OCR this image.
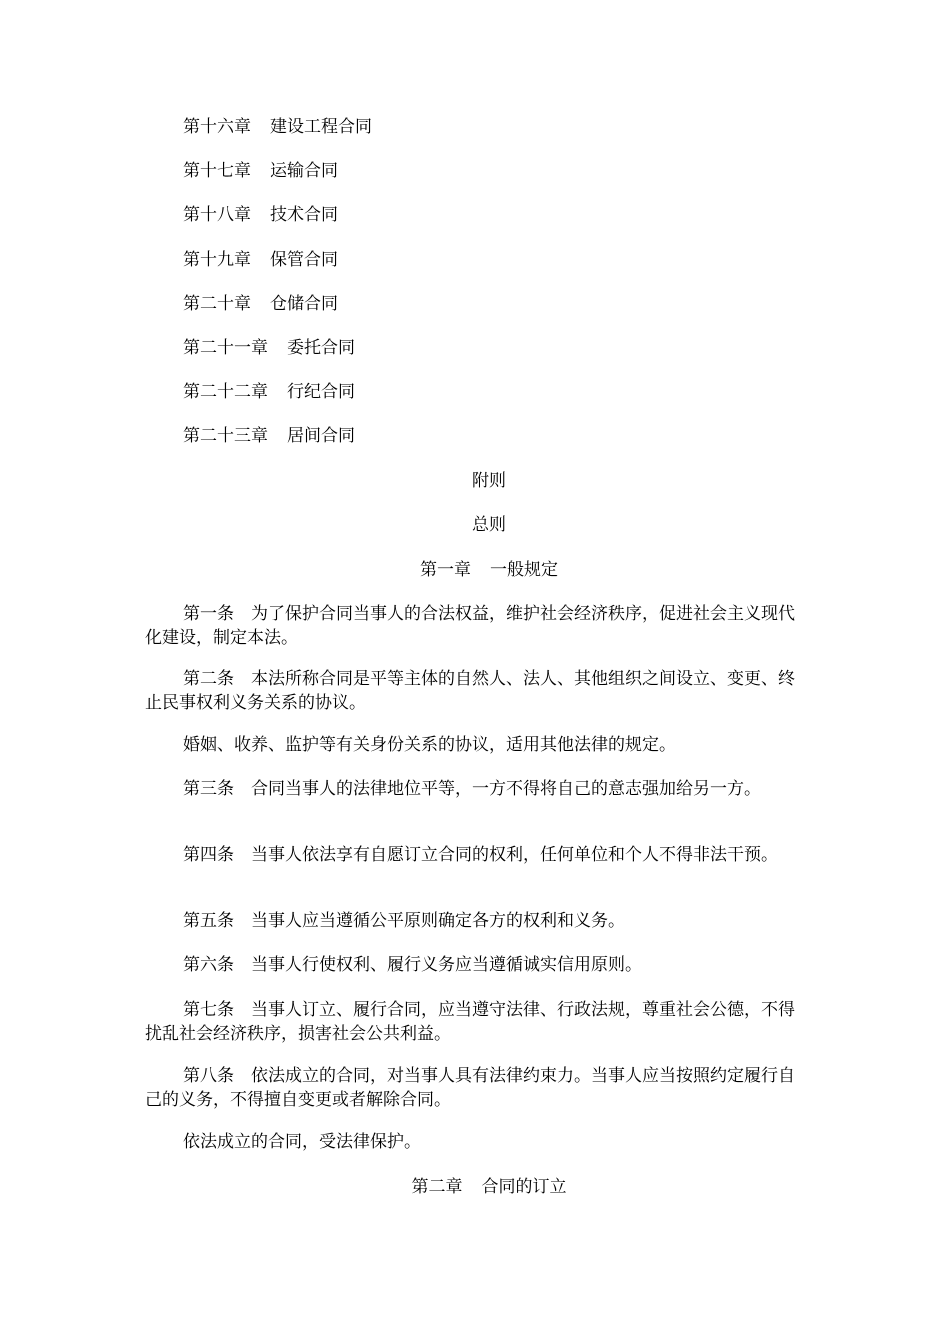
第十六章 建设工程合同
第十七章 运输合同
第十八章 技术合同
第十九章 保管合同
第二十章 仓储合同
第二十一章 委托合同
第二十二章 行纪合同
第二十三章 居间合同
附则
总则
第一章 一般规定
第一条　为了保护合同当事人的合法权益，维护社会经济秩序，促进社会主义现代化建设，制定本法。
第二条　本法所称合同是平等主体的自然人、法人、其他组织之间设立、变更、终止民事权利义务关系的协议。
婚姻、收养、监护等有关身份关系的协议，适用其他法律的规定。
第三条　合同当事人的法律地位平等，一方不得将自己的意志强加给另一方。
第四条　当事人依法享有自愿订立合同的权利，任何单位和个人不得非法干预。
第五条　当事人应当遵循公平原则确定各方的权利和义务。
第六条　当事人行使权利、履行义务应当遵循诚实信用原则。
第七条　当事人订立、履行合同，应当遵守法律、行政法规，尊重社会公德，不得扰乱社会经济秩序，损害社会公共利益。
第八条　依法成立的合同，对当事人具有法律约束力。当事人应当按照约定履行自己的义务，不得擅自变更或者解除合同。
依法成立的合同，受法律保护。
第二章 合同的订立
